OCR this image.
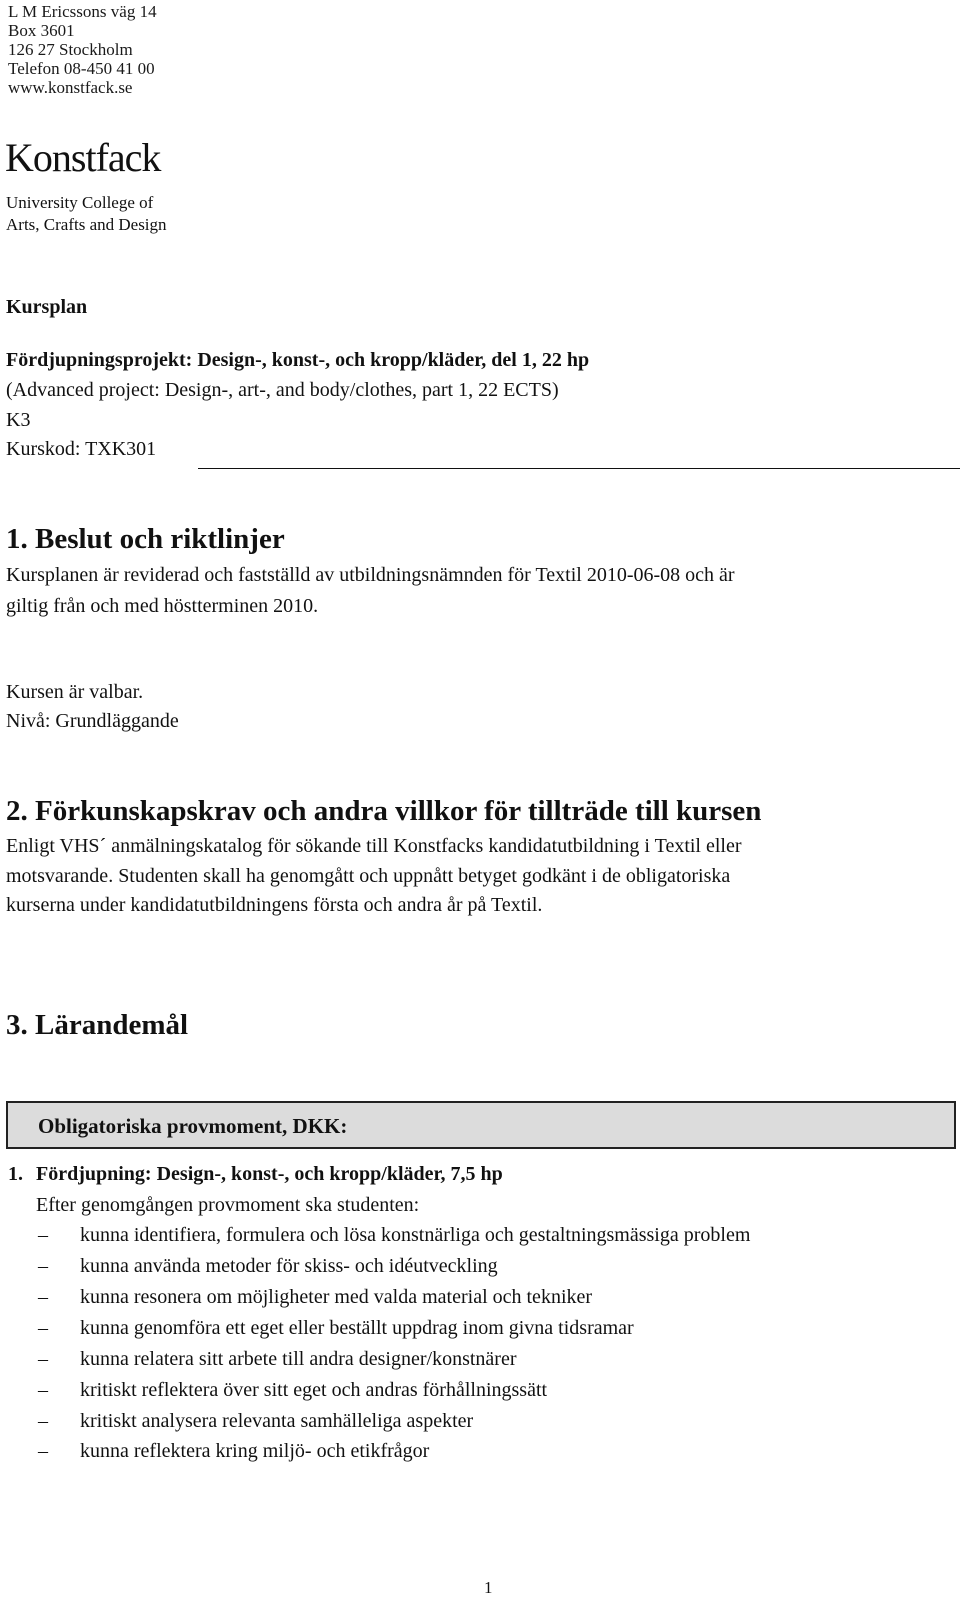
L M Ericssons väg 14
Box 3601
126 27 Stockholm
Telefon 08-450 41 00
www.konstfack.se
Konstfack
University College of
Arts, Crafts and Design
Kursplan
Fördjupningsprojekt: Design-, konst-, och kropp/kläder, del 1, 22 hp
(Advanced project: Design-, art-, and body/clothes, part 1, 22 ECTS)
K3
Kurskod: TXK301
1. Beslut och riktlinjer
Kursplanen är reviderad och fastställd av utbildningsnämnden för Textil 2010-06-08 och är
giltig från och med höstterminen 2010.
Kursen är valbar.
Nivå: Grundläggande
2. Förkunskapskrav och andra villkor för tillträde till kursen
Enligt VHS´ anmälningskatalog för sökande till Konstfacks kandidatutbildning i Textil eller
motsvarande. Studenten skall ha genomgått och uppnått betyget godkänt i de obligatoriska
kurserna under kandidatutbildningens första och andra år på Textil.
3. Lärandemål
Obligatoriska provmoment, DKK:
1. Fördjupning: Design-, konst-, och kropp/kläder, 7,5 hp
Efter genomgången provmoment ska studenten:
– kunna identifiera, formulera och lösa konstnärliga och gestaltningsmässiga problem
– kunna använda metoder för skiss- och idéutveckling
– kunna resonera om möjligheter med valda material och tekniker
– kunna genomföra ett eget eller beställt uppdrag inom givna tidsramar
– kunna relatera sitt arbete till andra designer/konstnärer
– kritiskt reflektera över sitt eget och andras förhållningssätt
– kritiskt analysera relevanta samhälleliga aspekter
– kunna reflektera kring miljö- och etikfrågor
1
